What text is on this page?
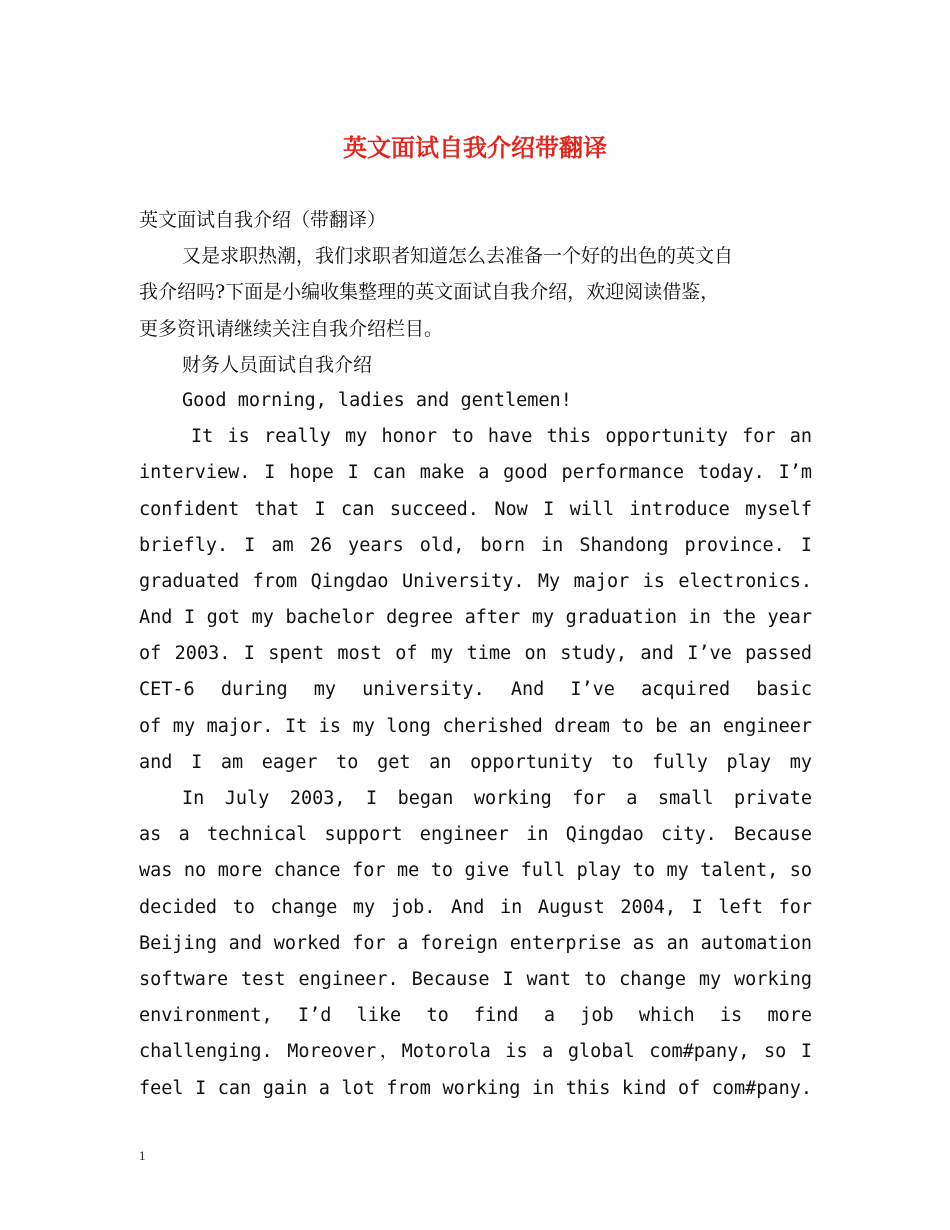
英文面试自我介绍带翻译
英文面试自我介绍（带翻译）
又是求职热潮，我们求职者知道怎么去准备一个好的出色的英文自
我介绍吗?下面是小编收集整理的英文面试自我介绍，欢迎阅读借鉴，
更多资讯请继续关注自我介绍栏目。
财务人员面试自我介绍
Good morning, ladies and gentlemen!
It is really my honor to have this opportunity for an
interview. I hope I can make a good performance today. I’m
confident that I can succeed. Now I will introduce myself
briefly. I am 26 years old, born in Shandong province. I
graduated from Qingdao University. My major is electronics.
And I got my bachelor degree after my graduation in the year
of 2003. I spent most of my time on study, and I’ve passed
CET-6 during my university. And I’ve acquired basic
of my major. It is my long cherished dream to be an engineer
and I am eager to get an opportunity to fully play my
In July 2003, I began working for a small private
as a technical support engineer in Qingdao city. Because
was no more chance for me to give full play to my talent, so
decided to change my job. And in August 2004, I left for
Beijing and worked for a foreign enterprise as an automation
software test engineer. Because I want to change my working
environment, I’d like to find a job which is more
challenging. Moreover，Motorola is a global com#pany, so I
feel I can gain a lot from working in this kind of com#pany.
1
